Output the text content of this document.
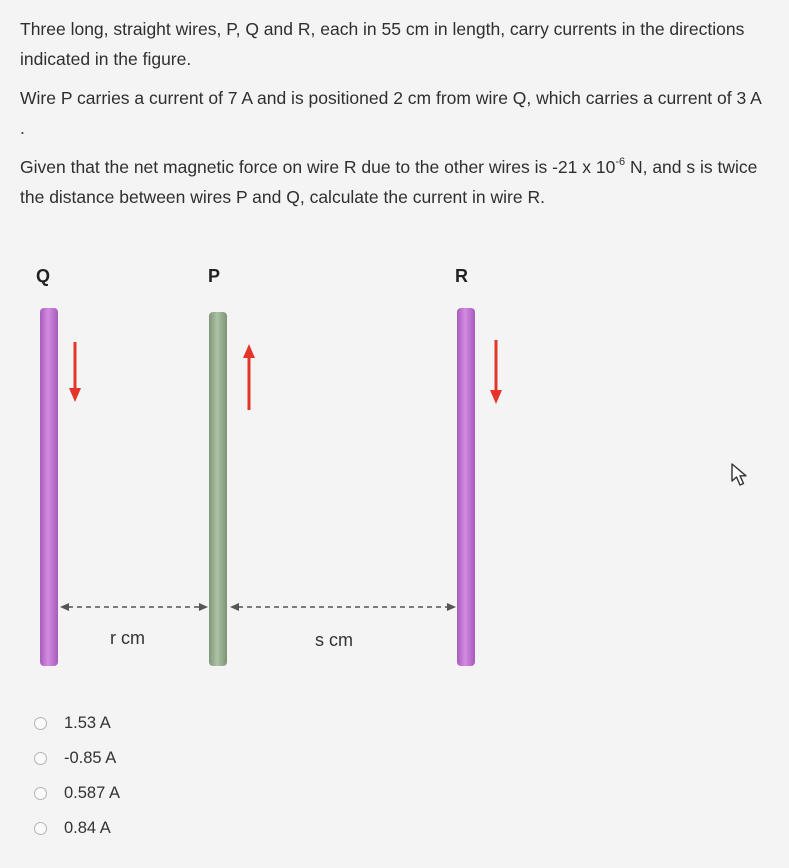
Three long, straight wires, P, Q and R, each in 55 cm in length, carry currents in the directions indicated in the figure.

Wire P carries a current of 7 A and is positioned 2 cm from wire Q, which carries a current of 3 A .

Given that the net magnetic force on wire R due to the other wires is -21 x $10^{-6}$ N, and s is twice the distance between wires P and Q, calculate the current in wire R.

Q	P	R
r cm	s cm
1.53 A
-0.85 A
0.587 A
0.84 A
